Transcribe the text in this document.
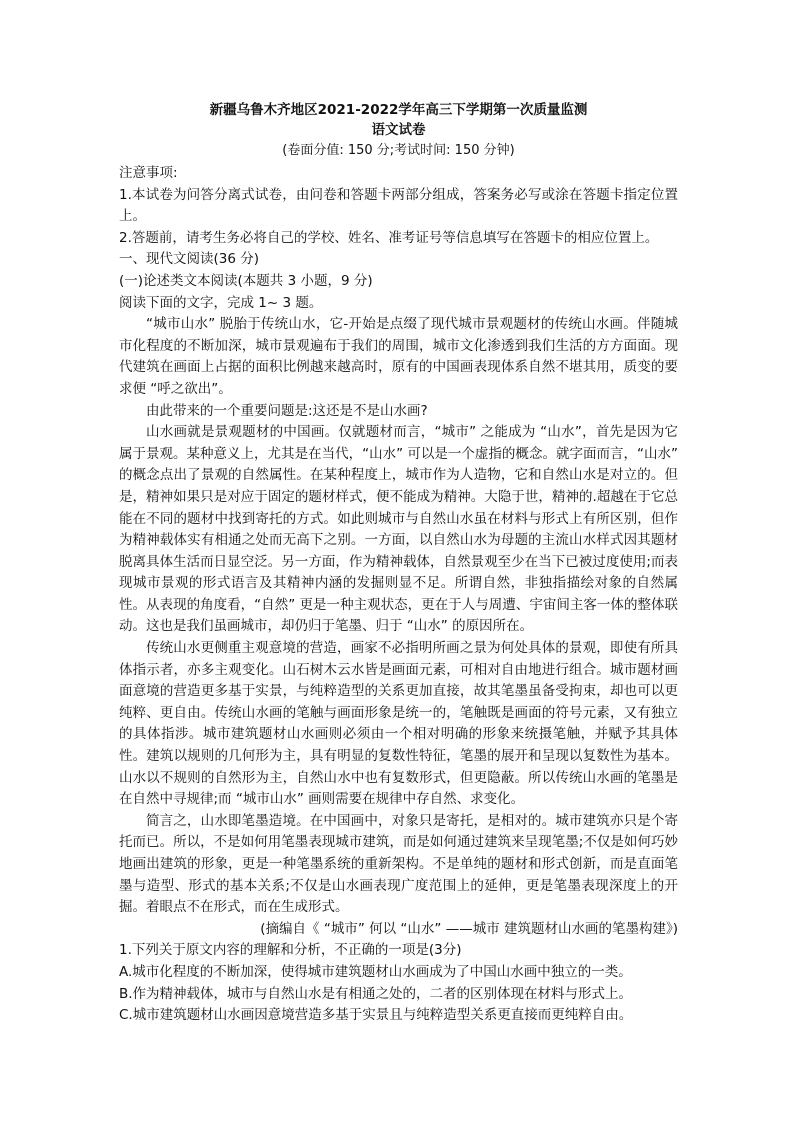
新疆乌鲁木齐地区2021-2022学年高三下学期第一次质量监测
语文试卷
(卷面分值: 150 分;考试时间: 150 分钟)

注意事项:

1.本试卷为问答分离式试卷，由问卷和答题卡两部分组成，答案务必写或涂在答题卡指定位置上。

2.答题前，请考生务必将自己的学校、姓名、准考证号等信息填写在答题卡的相应位置上。

一、现代文阅读(36 分)

(一)论述类文本阅读(本题共 3 小题，9 分)

阅读下面的文字，完成 1~ 3 题。

“城市山水” 脱胎于传统山水，它-开始是点缀了现代城市景观题材的传统山水画。伴随城市化程度的不断加深，城市景观遍布于我们的周围，城市文化渗透到我们生活的方方面面。现代建筑在画面上占据的面积比例越来越高时，原有的中国画表现体系自然不堪其用，质变的要求便 “呼之欲出”。

由此带来的一个重要问题是:这还是不是山水画?

山水画就是景观题材的中国画。仅就题材而言，“城市” 之能成为 “山水”，首先是因为它属于景观。某种意义上，尤其是在当代，“山水” 可以是一个虚指的概念。就字面而言，“山水” 的概念点出了景观的自然属性。在某种程度上，城市作为人造物，它和自然山水是对立的。但是，精神如果只是对应于固定的题材样式，便不能成为精神。大隐于世，精神的.超越在于它总能在不同的题材中找到寄托的方式。如此则城市与自然山水虽在材料与形式上有所区别，但作为精神载体实有相通之处而无高下之别。一方面，以自然山水为母题的主流山水样式因其题材脱离具体生活而日显空泛。另一方面，作为精神载体，自然景观至少在当下已被过度使用;而表现城市景观的形式语言及其精神内涵的发掘则显不足。所谓自然，非独指描绘对象的自然属性。从表现的角度看，“自然” 更是一种主观状态，更在于人与周遭、宇宙间主客一体的整体联动。这也是我们虽画城市，却仍归于笔墨、归于 “山水” 的原因所在。

传统山水更侧重主观意境的营造，画家不必指明所画之景为何处具体的景观，即使有所具体指示者，亦多主观变化。山石树木云水皆是画面元素，可相对自由地进行组合。城市题材画面意境的营造更多基于实景，与纯粹造型的关系更加直接，故其笔墨虽备受拘束，却也可以更纯粹、更自由。传统山水画的笔触与画面形象是统一的，笔触既是画面的符号元素，又有独立的具体指涉。城市建筑题材山水画则必须由一个相对明确的形象来统摄笔触，并赋予其具体性。建筑以规则的几何形为主，具有明显的复数性特征，笔墨的展开和呈现以复数性为基本。山水以不规则的自然形为主，自然山水中也有复数形式，但更隐蔽。所以传统山水画的笔墨是在自然中寻规律;而 “城市山水” 画则需要在规律中存自然、求变化。

简言之，山水即笔墨造境。在中国画中，对象只是寄托，是相对的。城市建筑亦只是个寄托而已。所以，不是如何用笔墨表现城市建筑，而是如何通过建筑来呈现笔墨;不仅是如何巧妙地画出建筑的形象，更是一种笔墨系统的重新架构。不是单纯的题材和形式创新，而是直面笔墨与造型、形式的基本关系;不仅是山水画表现广度范围上的延伸，更是笔墨表现深度上的开掘。着眼点不在形式，而在生成形式。

(摘编自《 “城市” 何以 “山水” ——城市 建筑题材山水画的笔墨构建》)

1.下列关于原文内容的理解和分析，不正确的一项是(3分)

A.城市化程度的不断加深，使得城市建筑题材山水画成为了中国山水画中独立的一类。
B.作为精神载体，城市与自然山水是有相通之处的，二者的区别体现在材料与形式上。
C.城市建筑题材山水画因意境营造多基于实景且与纯粹造型关系更直接而更纯粹自由。
